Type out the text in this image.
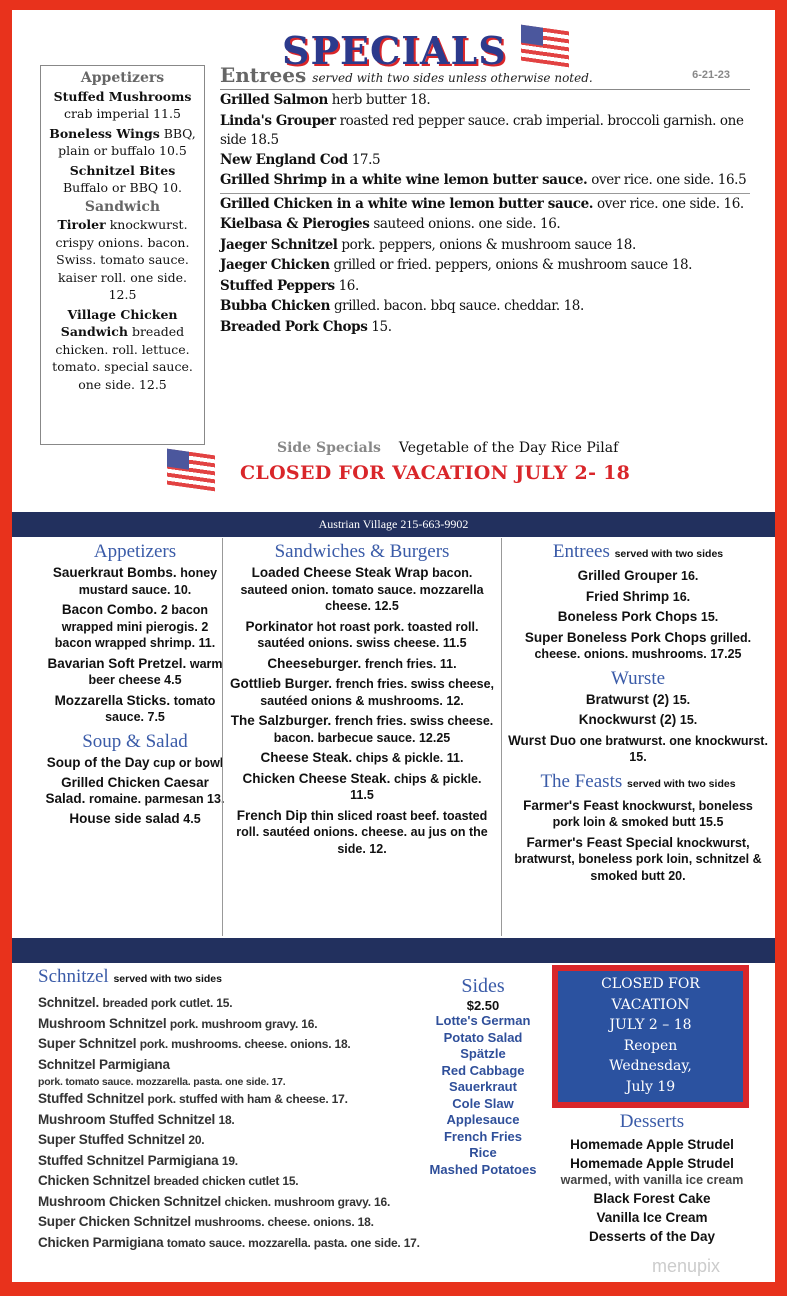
SPECIALS
Appetizers
Stuffed Mushrooms crab imperial 11.5
Boneless Wings BBQ, plain or buffalo 10.5
Schnitzel Bites Buffalo or BBQ 10.
Sandwich
Tiroler knockwurst. crispy onions. bacon. Swiss. tomato sauce. kaiser roll. one side. 12.5
Village Chicken Sandwich breaded chicken. roll. lettuce. tomato. special sauce. one side. 12.5
Entrees served with two sides unless otherwise noted.	6-21-23
Grilled Salmon herb butter 18.
Linda's Grouper roasted red pepper sauce. crab imperial. broccoli garnish. one side 18.5
New England Cod 17.5
Grilled Shrimp in a white wine lemon butter sauce. over rice. one side. 16.5
Grilled Chicken in a white wine lemon butter sauce. over rice. one side. 16.
Kielbasa & Pierogies sauteed onions. one side. 16.
Jaeger Schnitzel pork. peppers, onions & mushroom sauce 18.
Jaeger Chicken grilled or fried. peppers, onions & mushroom sauce 18.
Stuffed Peppers 16.
Bubba Chicken grilled. bacon. bbq sauce. cheddar. 18.
Breaded Pork Chops 15.
Side Specials Vegetable of the Day Rice Pilaf
CLOSED FOR VACATION JULY 2- 18
Austrian Village 215-663-9902
Appetizers
Sauerkraut Bombs. honey mustard sauce. 10.
Bacon Combo. 2 bacon wrapped mini pierogis. 2 bacon wrapped shrimp. 11.
Bavarian Soft Pretzel. warm beer cheese 4.5
Mozzarella Sticks. tomato sauce. 7.5
Soup & Salad
Soup of the Day cup or bowl
Grilled Chicken Caesar Salad. romaine. parmesan 13.
House side salad 4.5
Sandwiches & Burgers
Loaded Cheese Steak Wrap bacon. sauteed onion. tomato sauce. mozzarella cheese. 12.5
Porkinator hot roast pork. toasted roll. sautéed onions. swiss cheese. 11.5
Cheeseburger. french fries. 11.
Gottlieb Burger. french fries. swiss cheese, sautéed onions & mushrooms. 12.
The Salzburger. french fries. swiss cheese. bacon. barbecue sauce. 12.25
Cheese Steak. chips & pickle. 11.
Chicken Cheese Steak. chips & pickle. 11.5
French Dip thin sliced roast beef. toasted roll. sautéed onions. cheese. au jus on the side. 12.
Entrees served with two sides
Grilled Grouper 16.
Fried Shrimp 16.
Boneless Pork Chops 15.
Super Boneless Pork Chops grilled. cheese. onions. mushrooms. 17.25
Wurste
Bratwurst (2) 15.
Knockwurst (2) 15.
Wurst Duo one bratwurst. one knockwurst. 15.
The Feasts served with two sides
Farmer's Feast knockwurst, boneless pork loin & smoked butt 15.5
Farmer's Feast Special knockwurst, bratwurst, boneless pork loin, schnitzel & smoked butt 20.
Schnitzel served with two sides
Schnitzel. breaded pork cutlet. 15.
Mushroom Schnitzel pork. mushroom gravy. 16.
Super Schnitzel pork. mushrooms. cheese. onions. 18.
Schnitzel Parmigiana
pork. tomato sauce. mozzarella. pasta. one side. 17.
Stuffed Schnitzel pork. stuffed with ham & cheese. 17.
Mushroom Stuffed Schnitzel 18.
Super Stuffed Schnitzel 20.
Stuffed Schnitzel Parmigiana 19.
Chicken Schnitzel breaded chicken cutlet 15.
Mushroom Chicken Schnitzel chicken. mushroom gravy. 16.
Super Chicken Schnitzel mushrooms. cheese. onions. 18.
Chicken Parmigiana tomato sauce. mozzarella. pasta. one side. 17.
Sides
$2.50
Lotte's German Potato Salad
Spätzle
Red Cabbage
Sauerkraut
Cole Slaw
Applesauce
French Fries
Rice
Mashed Potatoes
CLOSED FOR
VACATION
JULY 2 – 18
Reopen
Wednesday,
July 19
Desserts
Homemade Apple Strudel
Homemade Apple Strudel
warmed, with vanilla ice cream
Black Forest Cake
Vanilla Ice Cream
Desserts of the Day
menupix
